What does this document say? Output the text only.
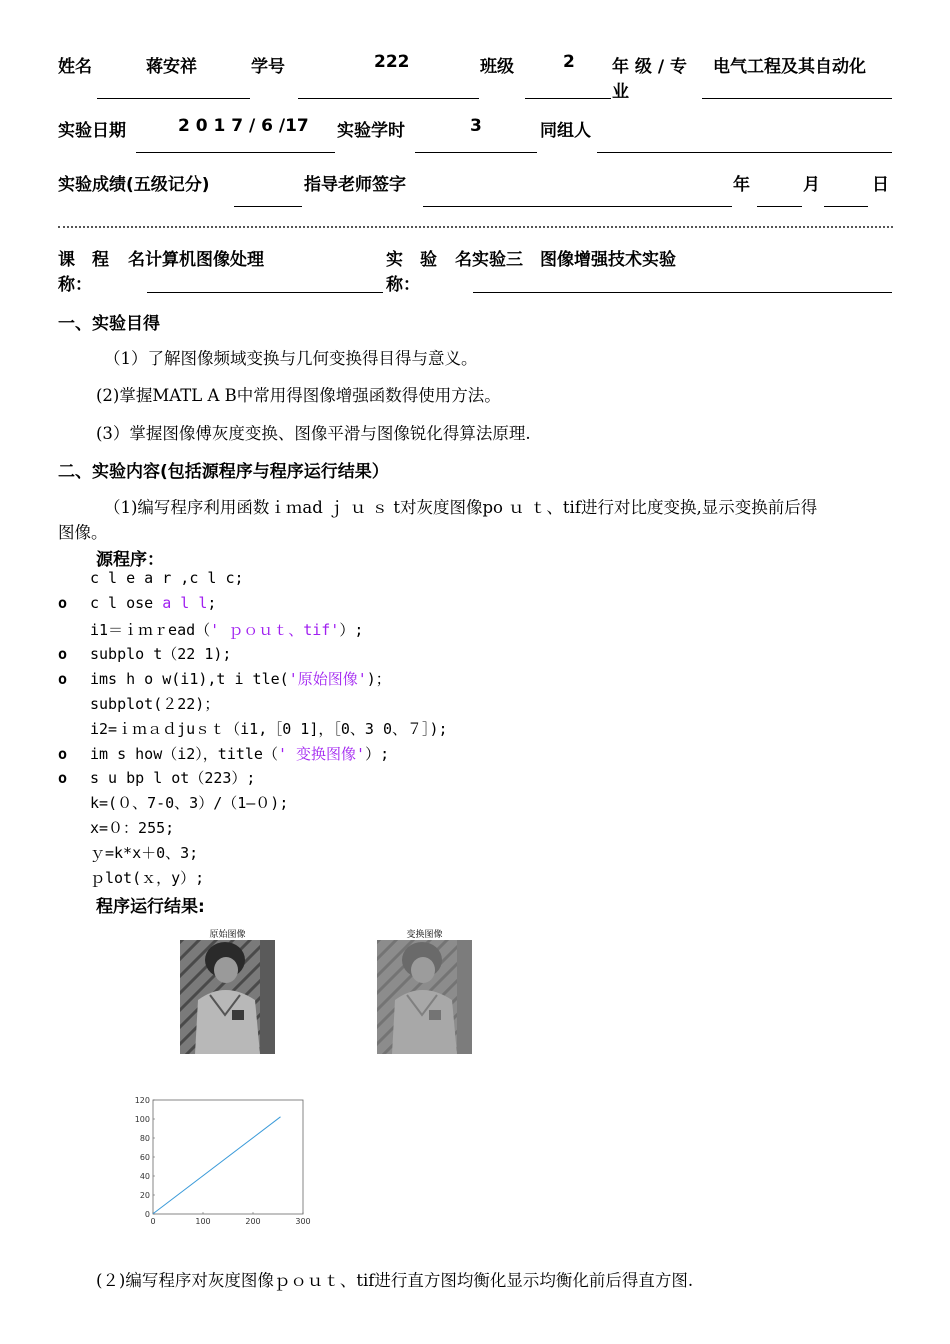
姓名	蒋安祥	学号	222	班级	2 年 级 / 专
业
电气工程及其自动化
实验日期	2 0 1 7 / 6 /17 实验学时	3	同组人
实验成绩(五级记分)	指导老师签字	年	月	日
课　程
称：
名计算机图像处理	实　验
称：
名实验三　图像增强技术实验
一、实验目得
（1）了解图像频域变换与几何变换得目得与意义。
(2)掌握MATL A B中常用得图像增强函数得使用方法。
(3）掌握图像傅灰度变换、图像平滑与图像锐化得算法原理.
二、实验内容(包括源程序与程序运行结果）
（1)编写程序利用函数ｉｍad ｊ ｕ ｓ t对灰度图像po ｕ ｔ、tif进行对比度变换,显示变换前后得
图像。
源程序：
c l e a r ,c l c;
o c l ose a l l;
i1＝ｉｍｒead（' ｐｏｕｔ、tif'）;
o subplo t（22 1);
o ims h o w(i1),t i tle('原始图像')；
subplot(２22)；
i2=ｉｍａｄjuｓｔ（i1,［0 1]，［0、3 0、７］);
o im s how（i2），title（' 变换图像'）;
o s u bp l ot（223）;
k=(０、7-0、3）/（1—０);
x=０：255;
ｙ=k*x＋0、3;
ｐlot(ｘ，y）;
程序运行结果:
原始图像	变换图像
0	100	200	300
0
20
40
60
80
100
120
(２)编写程序对灰度图像ｐｏｕｔ、tif进行直方图均衡化显示均衡化前后得直方图.
